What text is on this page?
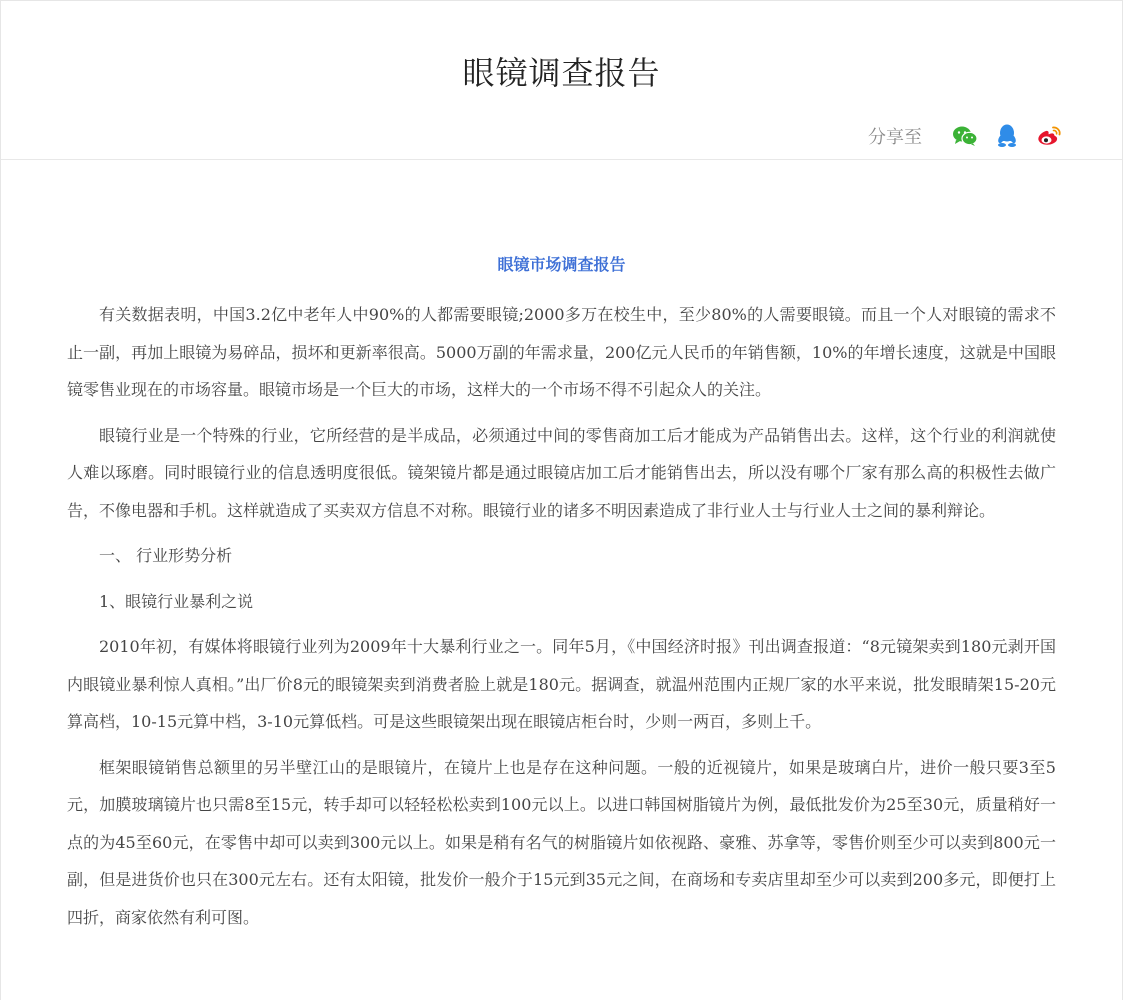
眼镜调查报告
分享至
眼镜市场调查报告

有关数据表明，中国3.2亿中老年人中90%的人都需要眼镜;2000多万在校生中，至少80%的人需要眼镜。而且一个人对眼镜的需求不止一副，再加上眼镜为易碎品，损坏和更新率很高。5000万副的年需求量，200亿元人民币的年销售额，10%的年增长速度，这就是中国眼镜零售业现在的市场容量。眼镜市场是一个巨大的市场，这样大的一个市场不得不引起众人的关注。

眼镜行业是一个特殊的行业，它所经营的是半成品，必须通过中间的零售商加工后才能成为产品销售出去。这样，这个行业的利润就使人难以琢磨。同时眼镜行业的信息透明度很低。镜架镜片都是通过眼镜店加工后才能销售出去，所以没有哪个厂家有那么高的积极性去做广告，不像电器和手机。这样就造成了买卖双方信息不对称。眼镜行业的诸多不明因素造成了非行业人士与行业人士之间的暴利辩论。

一、 行业形势分析

1、眼镜行业暴利之说

2010年初，有媒体将眼镜行业列为2009年十大暴利行业之一。同年5月，《中国经济时报》刊出调查报道：“8元镜架卖到180元剥开国内眼镜业暴利惊人真相。”出厂价8元的眼镜架卖到消费者脸上就是180元。据调查，就温州范围内正规厂家的水平来说，批发眼睛架15-20元算高档，10-15元算中档，3-10元算低档。可是这些眼镜架出现在眼镜店柜台时，少则一两百，多则上千。

框架眼镜销售总额里的另半壁江山的是眼镜片，在镜片上也是存在这种问题。一般的近视镜片，如果是玻璃白片，进价一般只要3至5元，加膜玻璃镜片也只需8至15元，转手却可以轻轻松松卖到100元以上。以进口韩国树脂镜片为例，最低批发价为25至30元，质量稍好一点的为45至60元，在零售中却可以卖到300元以上。如果是稍有名气的树脂镜片如依视路、豪雅、苏拿等，零售价则至少可以卖到800元一副，但是进货价也只在300元左右。还有太阳镜，批发价一般介于15元到35元之间，在商场和专卖店里却至少可以卖到200多元，即便打上四折，商家依然有利可图。
